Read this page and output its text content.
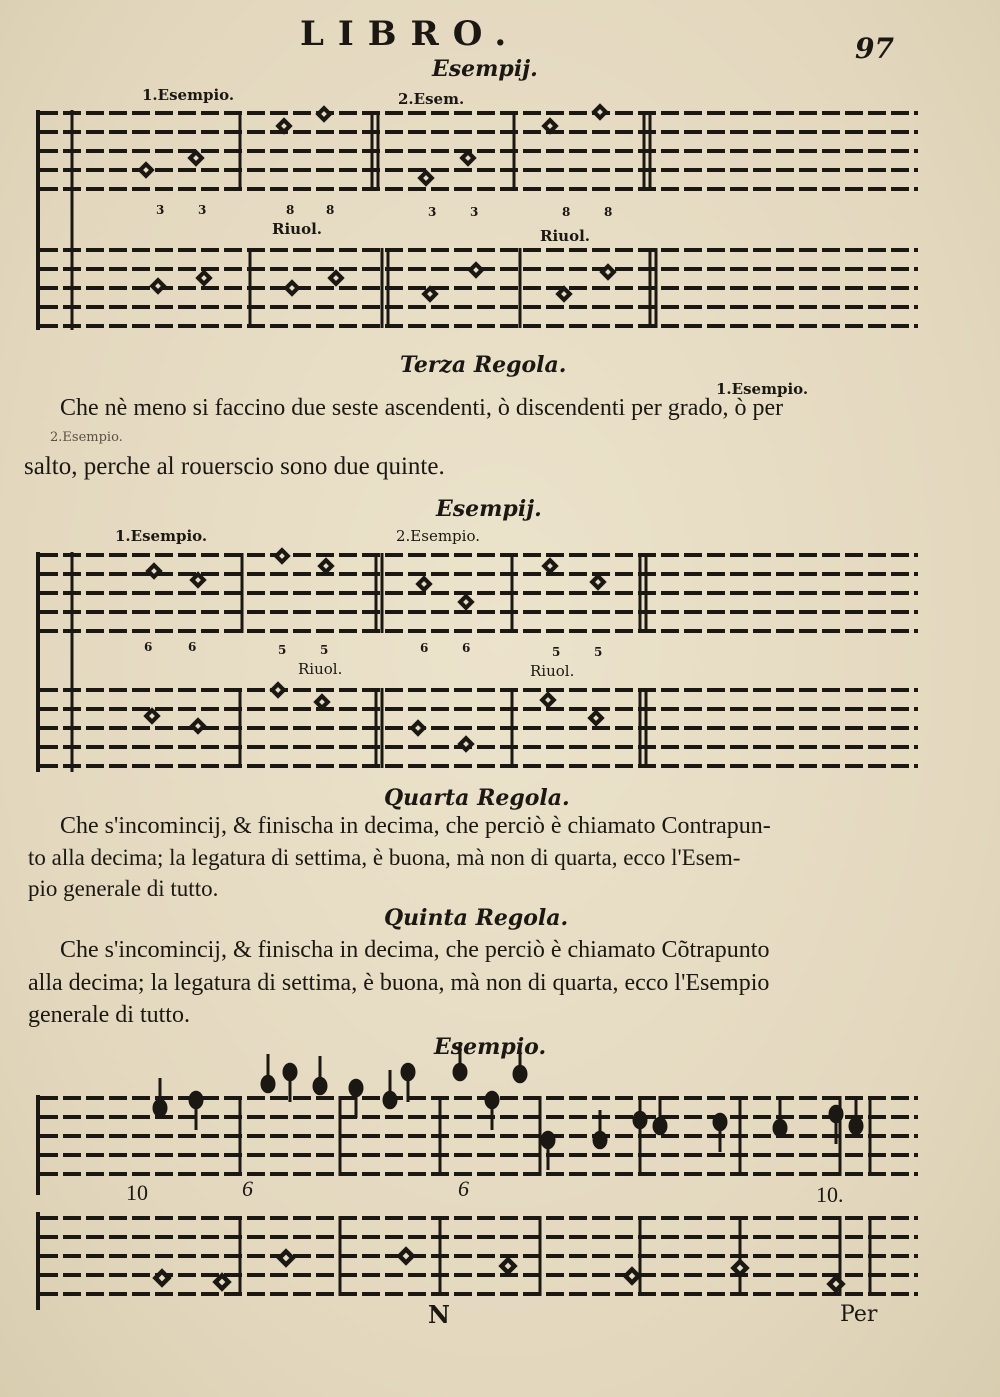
LIBRO.	97
Esempij.
1.Esempio.	2.Esem.
3	3	8	8	3	3	8	8
Riuol.	Riuol.
Terza Regola.
1.Esempio.
Che nè meno si faccino due seste ascendenti, ò discendenti per grado, ò per
2.Esempio.
salto, perche al rouerscio sono due quinte.
Esempij.
1.Esempio.	2.Esempio.
6	6	5	5	6	6	5	5
Riuol.	Riuol.
Quarta Regola.
Che s'incomincij, & finischa in decima, che perciò è chiamato Contrapun-
to alla decima; la legatura di settima, è buona, mà non di quarta, ecco l'Esem-
pio generale di tutto.
Quinta Regola.
Che s'incomincij, & finischa in decima, che perciò è chiamato Cõtrapunto
alla decima; la legatura di settima, è buona, mà non di quarta, ecco l'Esempio
generale di tutto.
Esempio.
10	6	6	10.
N	Per
